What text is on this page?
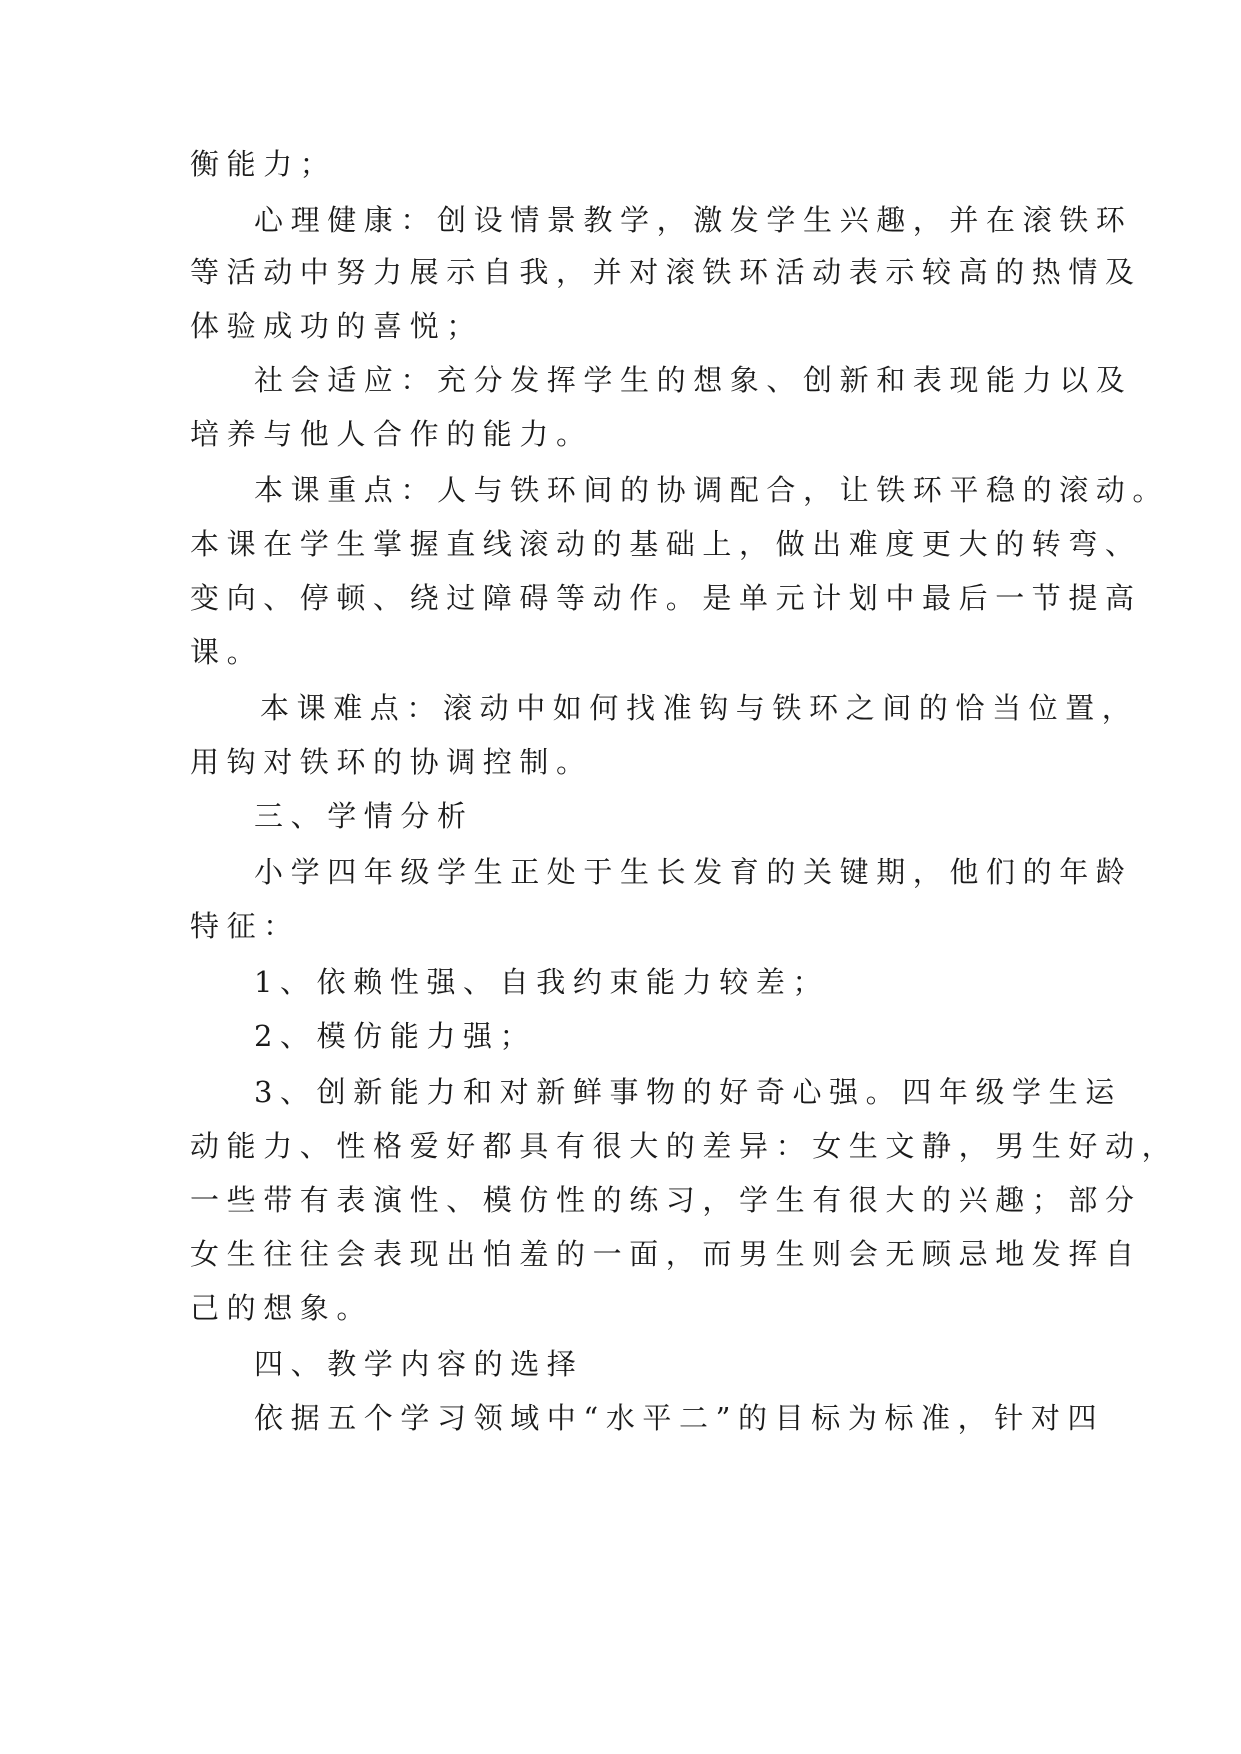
衡能力；
心理健康：创设情景教学，激发学生兴趣，并在滚铁环
等活动中努力展示自我，并对滚铁环活动表示较高的热情及
体验成功的喜悦；
社会适应：充分发挥学生的想象、创新和表现能力以及
培养与他人合作的能力。
本课重点：人与铁环间的协调配合，让铁环平稳的滚动。
本课在学生掌握直线滚动的基础上，做出难度更大的转弯、
变向、停顿、绕过障碍等动作。是单元计划中最后一节提高
课。
本课难点：滚动中如何找准钩与铁环之间的恰当位置，
用钩对铁环的协调控制。
三、学情分析
小学四年级学生正处于生长发育的关键期，他们的年龄
特征：
1、依赖性强、自我约束能力较差；
2、模仿能力强；
3、创新能力和对新鲜事物的好奇心强。四年级学生运
动能力、性格爱好都具有很大的差异：女生文静，男生好动，
一些带有表演性、模仿性的练习，学生有很大的兴趣；部分
女生往往会表现出怕羞的一面，而男生则会无顾忌地发挥自
己的想象。
四、教学内容的选择
依据五个学习领域中“水平二”的目标为标准，针对四
